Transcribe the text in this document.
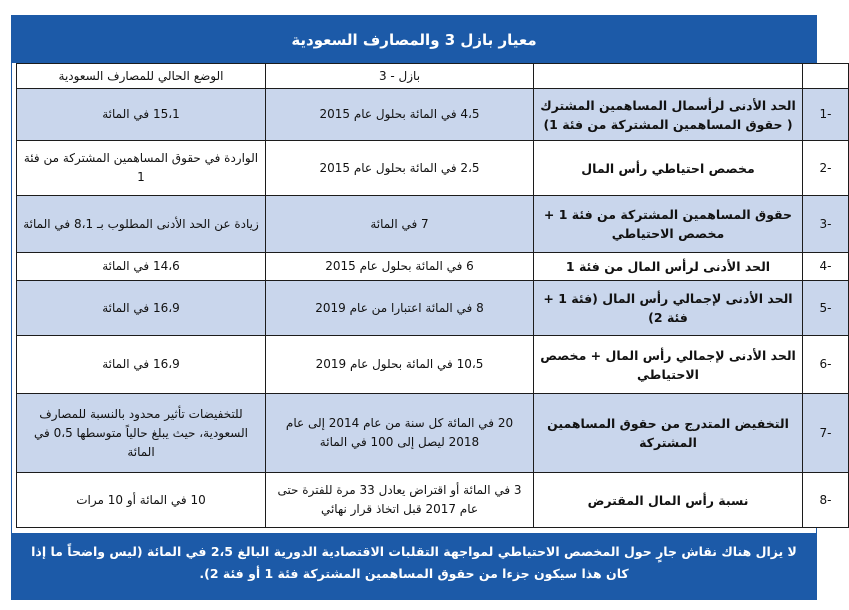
معيار بازل 3 والمصارف السعودية
		بازل - 3	الوضع الحالي للمصارف السعودية
-1	الحد الأدنى لرأسمال المساهمين المشترك ( حقوق المساهمين المشتركة من فئة 1)	4،5 في المائة بحلول عام 2015	15،1 في المائة
-2	مخصص احتياطي رأس المال	2،5 في المائة بحلول عام 2015	الواردة في حقوق المساهمين المشتركة من فئة 1
-3	حقوق المساهمين المشتركة من فئة 1 + مخصص الاحتياطي	7 في المائة	زيادة عن الحد الأدنى المطلوب بـ 8،1 في المائة
-4	الحد الأدنى لرأس المال من فئة 1	6 في المائة بحلول عام 2015	14،6 في المائة
-5	الحد الأدنى لإجمالي رأس المال (فئة 1 + فئة 2)	8 في المائة اعتبارا من عام 2019	16،9 في المائة
-6	الحد الأدنى لإجمالي رأس المال + مخصص الاحتياطي	10،5 في المائة بحلول عام 2019	16،9 في المائة
-7	التخفيض المتدرج من حقوق المساهمين المشتركة	20 في المائة كل سنة من عام 2014 إلى عام 2018 ليصل إلى 100 في المائة	للتخفيضات تأثير محدود بالنسبة للمصارف السعودية، حيث يبلغ حالياً متوسطها 0،5 في المائة
-8	نسبة رأس المال المقترض	3 في المائة أو اقتراض يعادل 33 مرة للفترة حتى عام 2017 قبل اتخاذ قرار نهائي	10 في المائة أو 10 مرات
لا يزال هناك نقاش جارٍ حول المخصص الاحتياطي لمواجهة التقلبات الاقتصادية الدورية البالغ 2،5 في المائة (ليس واضحاً ما إذا كان هذا سيكون جزءا من حقوق المساهمين المشتركة فئة 1 أو فئة 2).
